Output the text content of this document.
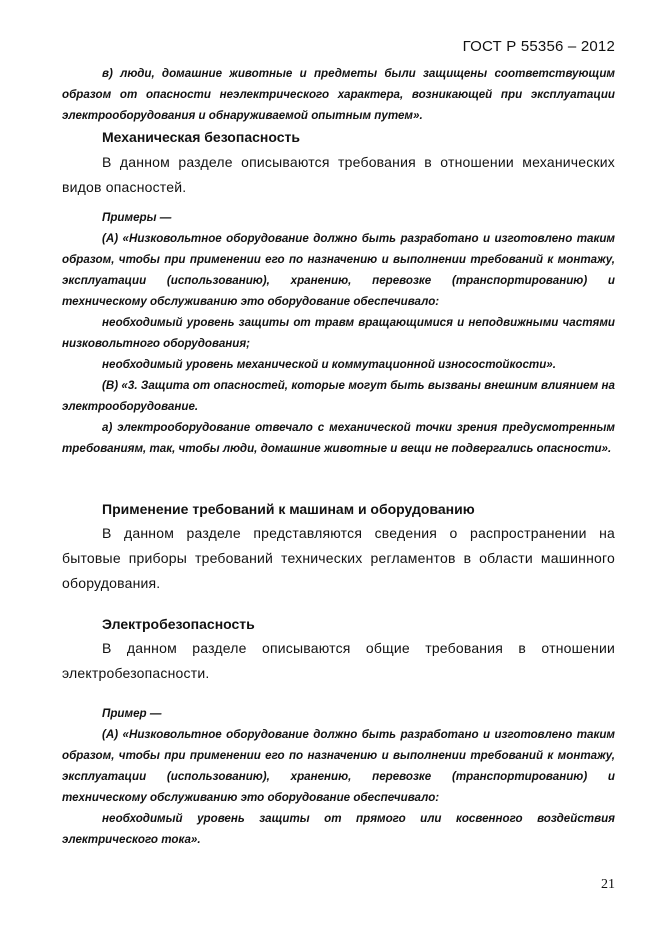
ГОСТ Р 55356 – 2012

в) люди, домашние животные и предметы были защищены соответствующим образом от опасности неэлектрического характера, возникающей при эксплуатации электрооборудования и обнаруживаемой опытным путем».

Механическая безопасность

В данном разделе описываются требования в отношении механических видов опасностей.

Примеры —

(А) «Низковольтное оборудование должно быть разработано и изготовлено таким образом, чтобы при применении его по назначению и выполнении требований к монтажу, эксплуатации (использованию), хранению, перевозке (транспортированию) и техническому обслуживанию это оборудование обеспечивало:

необходимый уровень защиты от травм вращающимися и неподвижными частями низковольтного оборудования;

необходимый уровень механической и коммутационной износостойкости».

(В) «3. Защита от опасностей, которые могут быть вызваны внешним влиянием на электрооборудование.

а) электрооборудование отвечало с механической точки зрения предусмотренным требованиям, так, чтобы люди, домашние животные и вещи не подвергались опасности».

Применение требований к машинам и оборудованию

В данном разделе представляются сведения о распространении на бытовые приборы требований технических регламентов в области машинного оборудования.

Электробезопасность

В данном разделе описываются общие требования в отношении электробезопасности.

Пример —

(А) «Низковольтное оборудование должно быть разработано и изготовлено таким образом, чтобы при применении его по назначению и выполнении требований к монтажу, эксплуатации (использованию), хранению, перевозке (транспортированию) и техническому обслуживанию это оборудование обеспечивало:

необходимый уровень защиты от прямого или косвенного воздействия электрического тока».

21
